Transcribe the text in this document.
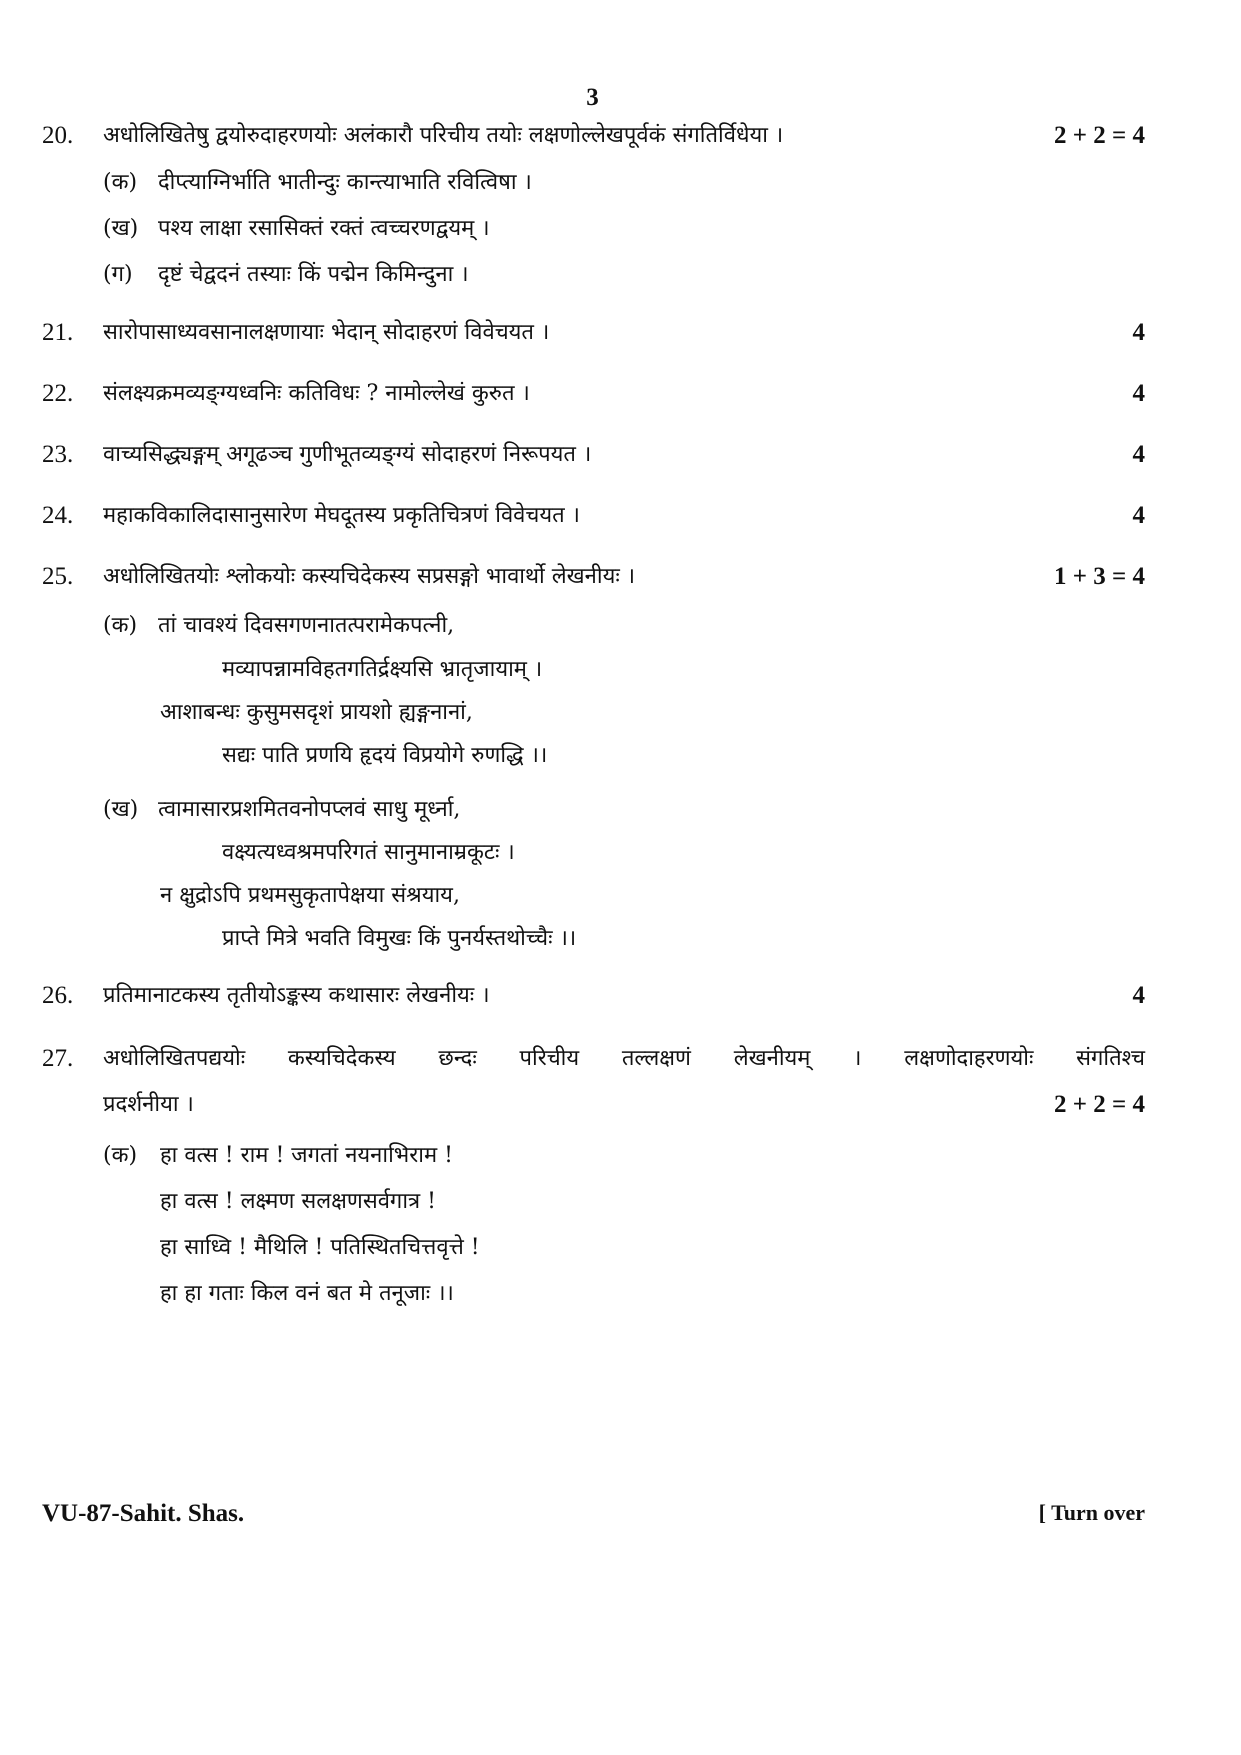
3
20. अधोलिखितेषु द्वयोरुदाहरणयोः अलंकारौ परिचीय तयोः लक्षणोल्लेखपूर्वकं संगतिर्विधेया ।	2 + 2 = 4
(क) दीप्त्याग्निर्भाति भातीन्दुः कान्त्याभाति रवित्विषा ।
(ख) पश्य लाक्षा रसासिक्तं रक्तं त्वच्चरणद्वयम् ।
(ग) दृष्टं चेद्वदनं तस्याः किं पद्मेन किमिन्दुना ।
21. सारोपासाध्यवसानालक्षणायाः भेदान् सोदाहरणं विवेचयत ।	4
22. संलक्ष्यक्रमव्यङ्ग्यध्वनिः कतिविधः ? नामोल्लेखं कुरुत ।	4
23. वाच्यसिद्ध्यङ्गम् अगूढञ्च गुणीभूतव्यङ्ग्यं सोदाहरणं निरूपयत ।	4
24. महाकविकालिदासानुसारेण मेघदूतस्य प्रकृतिचित्रणं विवेचयत ।	4
25. अधोलिखितयोः श्लोकयोः कस्यचिदेकस्य सप्रसङ्गो भावार्थो लेखनीयः ।	1 + 3 = 4
(क) तां चावश्यं दिवसगणनातत्परामेकपत्नी,
मव्यापन्नामविहतगतिर्द्रक्ष्यसि भ्रातृजायाम् ।
आशाबन्धः कुसुमसदृशं प्रायशो ह्यङ्गनानां,
सद्यः पाति प्रणयि हृदयं विप्रयोगे रुणद्धि ।।
(ख) त्वामासारप्रशमितवनोपप्लवं साधु मूर्ध्ना,
वक्ष्यत्यध्वश्रमपरिगतं सानुमानाम्रकूटः ।
न क्षुद्रोऽपि प्रथमसुकृतापेक्षया संश्रयाय,
प्राप्ते मित्रे भवति विमुखः किं पुनर्यस्तथोच्चैः ।।
26. प्रतिमानाटकस्य तृतीयोऽङ्कस्य कथासारः लेखनीयः ।	4
27. अधोलिखितपद्ययोः कस्यचिदेकस्य छन्दः परिचीय तल्लक्षणं लेखनीयम् । लक्षणोदाहरणयोः संगतिश्च
प्रदर्शनीया ।	2 + 2 = 4
(क) हा वत्स ! राम ! जगतां नयनाभिराम !
हा वत्स ! लक्ष्मण सलक्षणसर्वगात्र !
हा साध्वि ! मैथिलि ! पतिस्थितचित्तवृत्ते !
हा हा गताः किल वनं बत मे तनूजाः ।।
VU-87-Sahit. Shas.	[ Turn over
